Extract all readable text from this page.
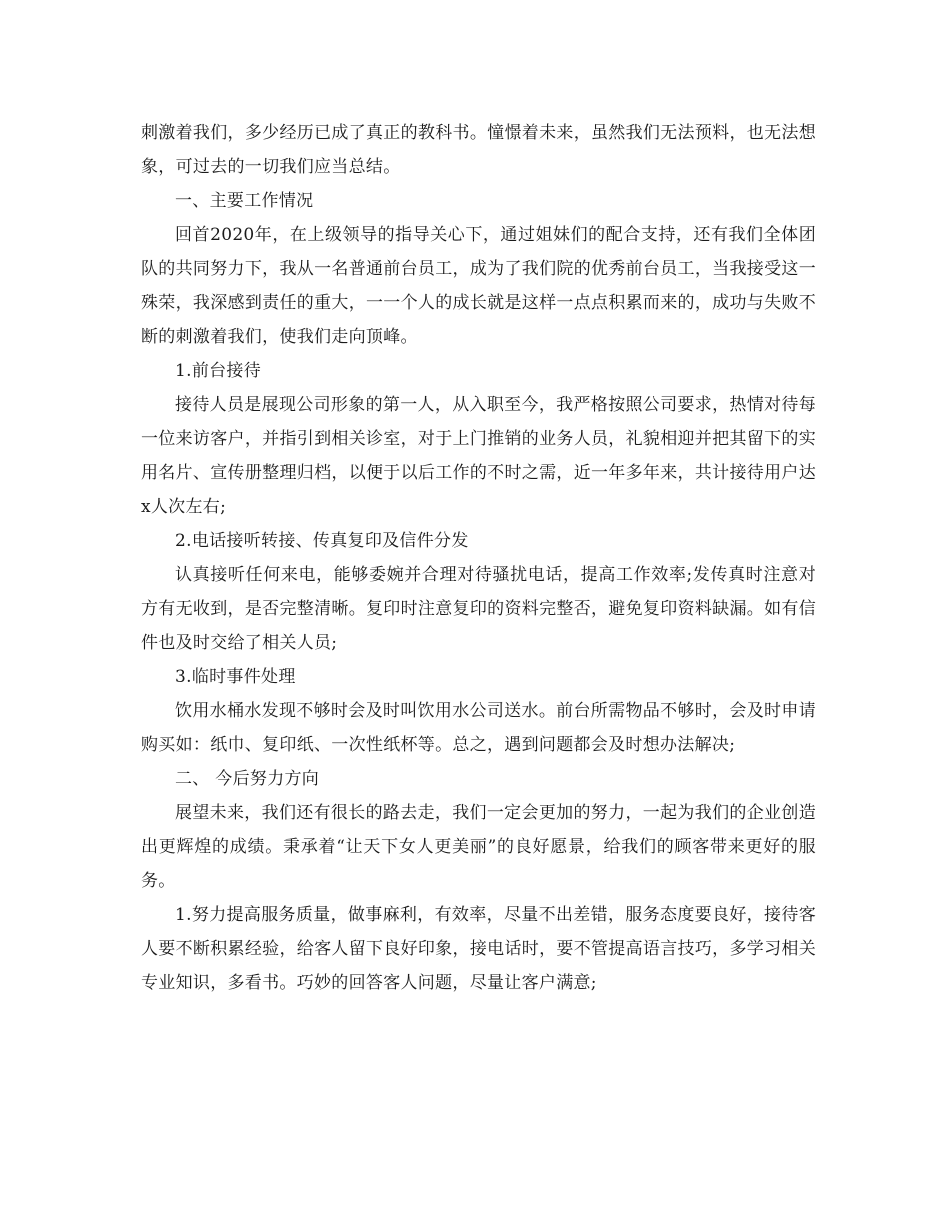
刺激着我们，多少经历已成了真正的教科书。憧憬着未来，虽然我们无法预料，也无法想象，可过去的一切我们应当总结。

一、主要工作情况

回首2020年，在上级领导的指导关心下，通过姐妹们的配合支持，还有我们全体团队的共同努力下，我从一名普通前台员工，成为了我们院的优秀前台员工，当我接受这一殊荣，我深感到责任的重大，一一个人的成长就是这样一点点积累而来的，成功与失败不断的刺激着我们，使我们走向顶峰。

1.前台接待

接待人员是展现公司形象的第一人，从入职至今，我严格按照公司要求，热情对待每一位来访客户，并指引到相关诊室，对于上门推销的业务人员，礼貌相迎并把其留下的实用名片、宣传册整理归档，以便于以后工作的不时之需，近一年多年来，共计接待用户达x人次左右;

2.电话接听转接、传真复印及信件分发

认真接听任何来电，能够委婉并合理对待骚扰电话，提高工作效率;发传真时注意对方有无收到，是否完整清晰。复印时注意复印的资料完整否，避免复印资料缺漏。如有信件也及时交给了相关人员;

3.临时事件处理

饮用水桶水发现不够时会及时叫饮用水公司送水。前台所需物品不够时，会及时申请购买如：纸巾、复印纸、一次性纸杯等。总之，遇到问题都会及时想办法解决;

二、 今后努力方向

展望未来，我们还有很长的路去走，我们一定会更加的努力，一起为我们的企业创造出更辉煌的成绩。秉承着“让天下女人更美丽”的良好愿景，给我们的顾客带来更好的服务。

1.努力提高服务质量，做事麻利，有效率，尽量不出差错，服务态度要良好，接待客人要不断积累经验，给客人留下良好印象，接电话时，要不管提高语言技巧，多学习相关专业知识，多看书。巧妙的回答客人问题，尽量让客户满意;
